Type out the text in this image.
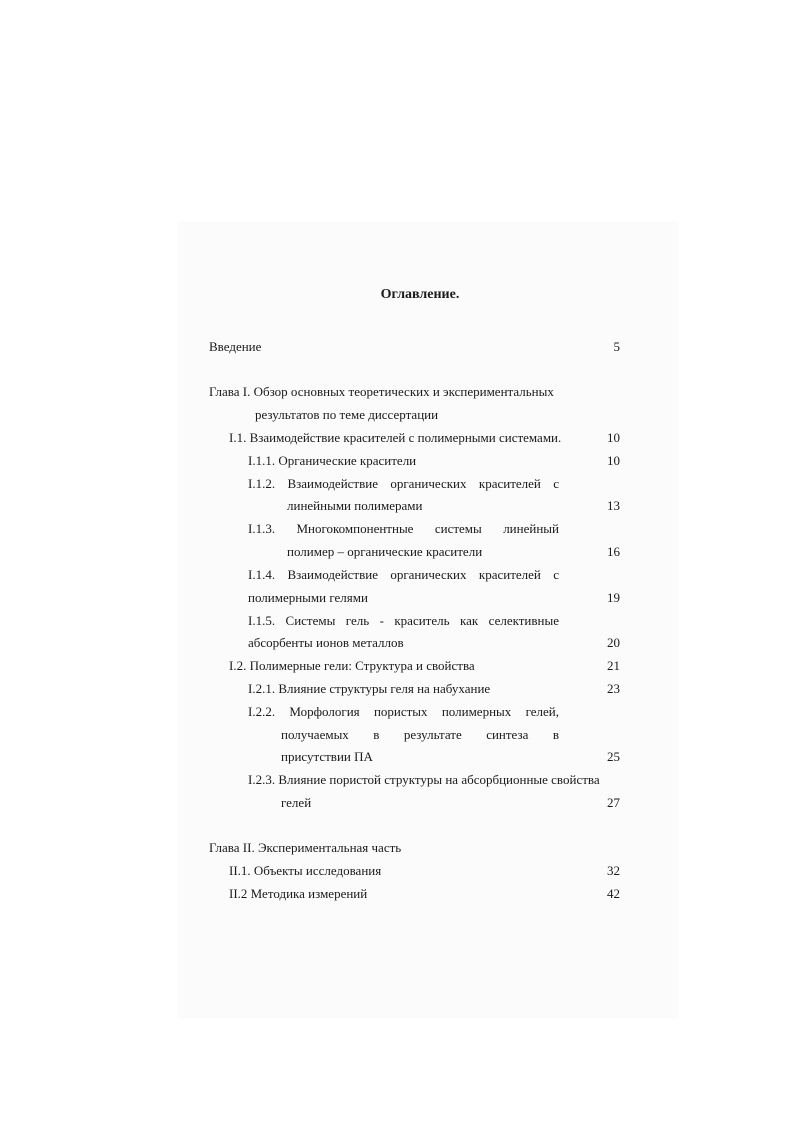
Оглавление.
Введение	5
Глава I. Обзор основных теоретических и экспериментальных
результатов по теме диссертации
I.1. Взаимодействие красителей с полимерными системами.	10
I.1.1. Органические красители	10
I.1.2. Взаимодействие органических красителей с
линейными полимерами	13
I.1.3. Многокомпонентные системы линейный
полимер – органические красители	16
I.1.4. Взаимодействие органических красителей с
полимерными гелями	19
I.1.5. Системы гель - краситель как селективные
абсорбенты ионов металлов	20
I.2. Полимерные гели: Структура и свойства	21
I.2.1. Влияние структуры геля на набухание	23
I.2.2. Морфология пористых полимерных гелей,
получаемых в результате синтеза в
присутствии ПА	25
I.2.3. Влияние пористой структуры на абсорбционные свойства
гелей	27
Глава II. Экспериментальная часть
II.1. Объекты исследования	32
II.2 Методика измерений	42
